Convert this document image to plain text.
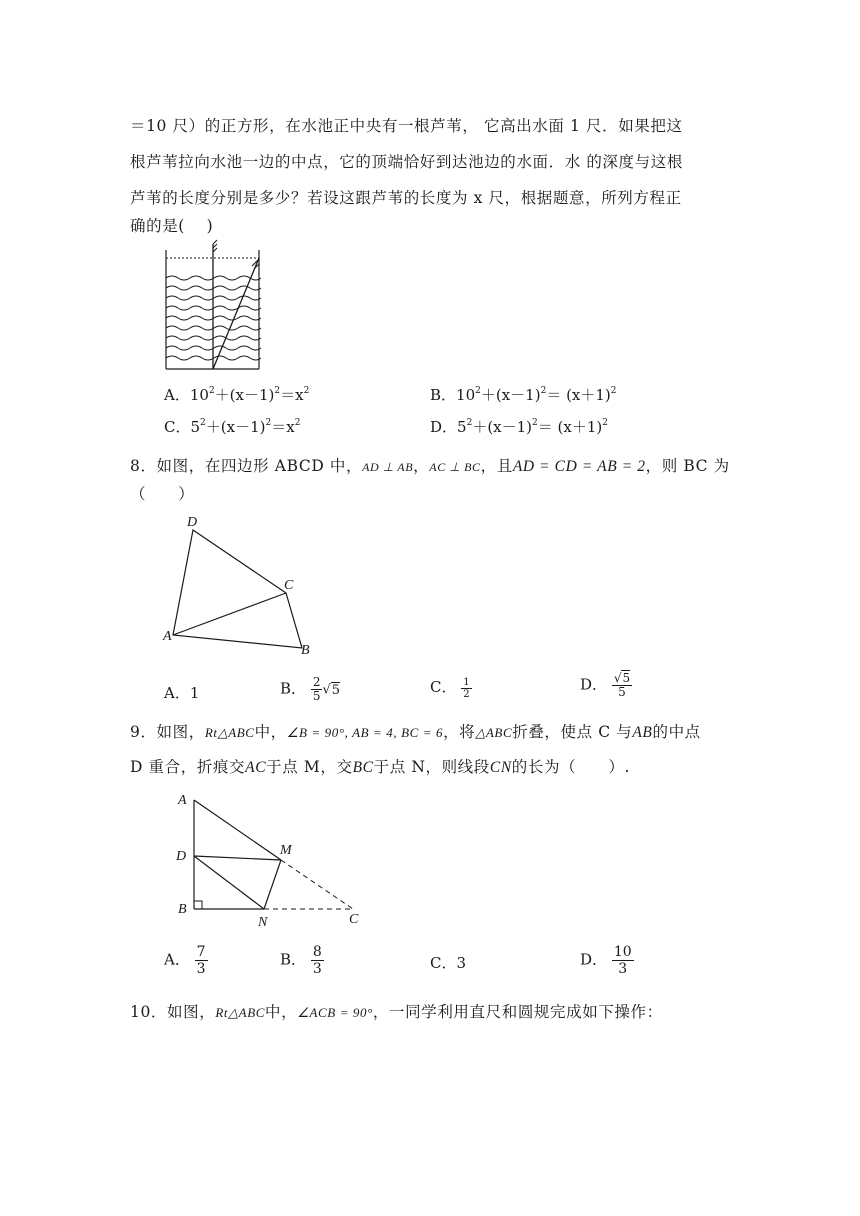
＝10 尺）的正方形，在水池正中央有一根芦苇， 它高出水面 1 尺．如果把这
根芦苇拉向水池一边的中点，它的顶端恰好到达池边的水面．水 的深度与这根
芦苇的长度分别是多少？若设这跟芦苇的长度为 x 尺，根据题意，所列方程正
确的是(　 )
A．$10^2+(x-1)^2=x^2$	B．$10^2+(x-1)^2= (x+1)^2$
C．$5^2+(x-1)^2=x^2$	D．$5^2+(x-1)^2= (x+1)^2$
8．如图，在四边形 ABCD 中，AD ⊥ AB，AC ⊥ BC，且AD = CD = AB = 2，则 BC 为
（　　）
D
C
A
B
A．1	B． $\frac{2}{5} √5$	C． $\frac{1}{2}$	D． $\frac{√5}{5}$
9．如图，Rt△ABC中，∠B = 90°, AB = 4, BC = 6，将△ABC折叠，使点 C 与AB的中点
D 重合，折痕交AC于点 M，交BC于点 N，则线段CN的长为（　　）.
A
D	M
B
N	C
A． $\frac{7}{3}$	B． $\frac{8}{3}$	C．3	D． $\frac{10}{3}$
10．如图，Rt△ABC中，∠ACB = 90°，一同学利用直尺和圆规完成如下操作：
